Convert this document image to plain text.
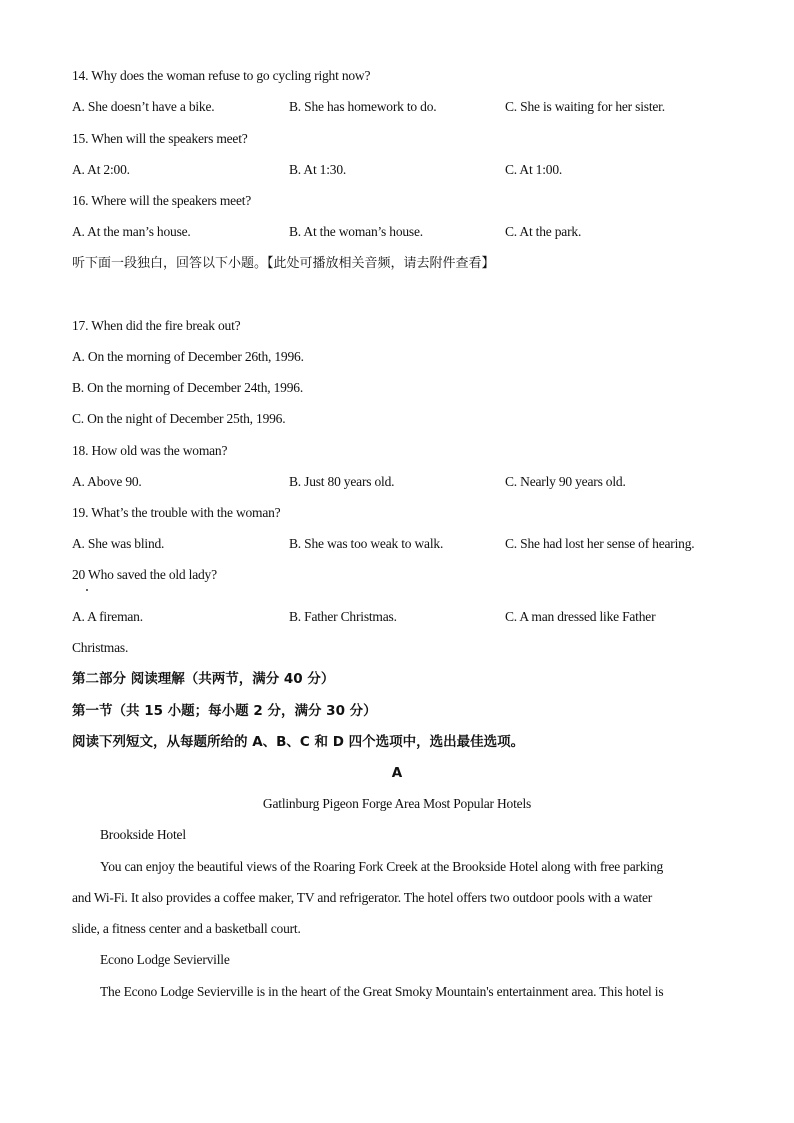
14. Why does the woman refuse to go cycling right now?
A. She doesn’t have a bike.	B. She has homework to do.	C. She is waiting for her sister.
15. When will the speakers meet?
A. At 2:00.	B. At 1:30.	C. At 1:00.
16. Where will the speakers meet?
A. At the man’s house.	B. At the woman’s house.	C. At the park.
听下面一段独白，回答以下小题。【此处可播放相关音频，请去附件查看】
17. When did the fire break out?
A. On the morning of December 26th, 1996.
B. On the morning of December 24th, 1996.
C. On the night of December 25th, 1996.
18. How old was the woman?
A. Above 90.	B. Just 80 years old.	C. Nearly 90 years old.
19. What’s the trouble with the woman?
A. She was blind.	B. She was too weak to walk.	C. She had lost her sense of hearing.
20 Who saved the old lady?
A. A fireman.	B. Father Christmas.	C. A man dressed like Father
Christmas.
第二部分 阅读理解（共两节，满分 40 分）
第一节（共 15 小题；每小题 2 分，满分 30 分）
阅读下列短文，从每题所给的 A、B、C 和 D 四个选项中，选出最佳选项。
A
Gatlinburg Pigeon Forge Area Most Popular Hotels
Brookside Hotel
You can enjoy the beautiful views of the Roaring Fork Creek at the Brookside Hotel along with free parking
and Wi-Fi. It also provides a coffee maker, TV and refrigerator. The hotel offers two outdoor pools with a water
slide, a fitness center and a basketball court.
Econo Lodge Sevierville
The Econo Lodge Sevierville is in the heart of the Great Smoky Mountain's entertainment area. This hotel is
